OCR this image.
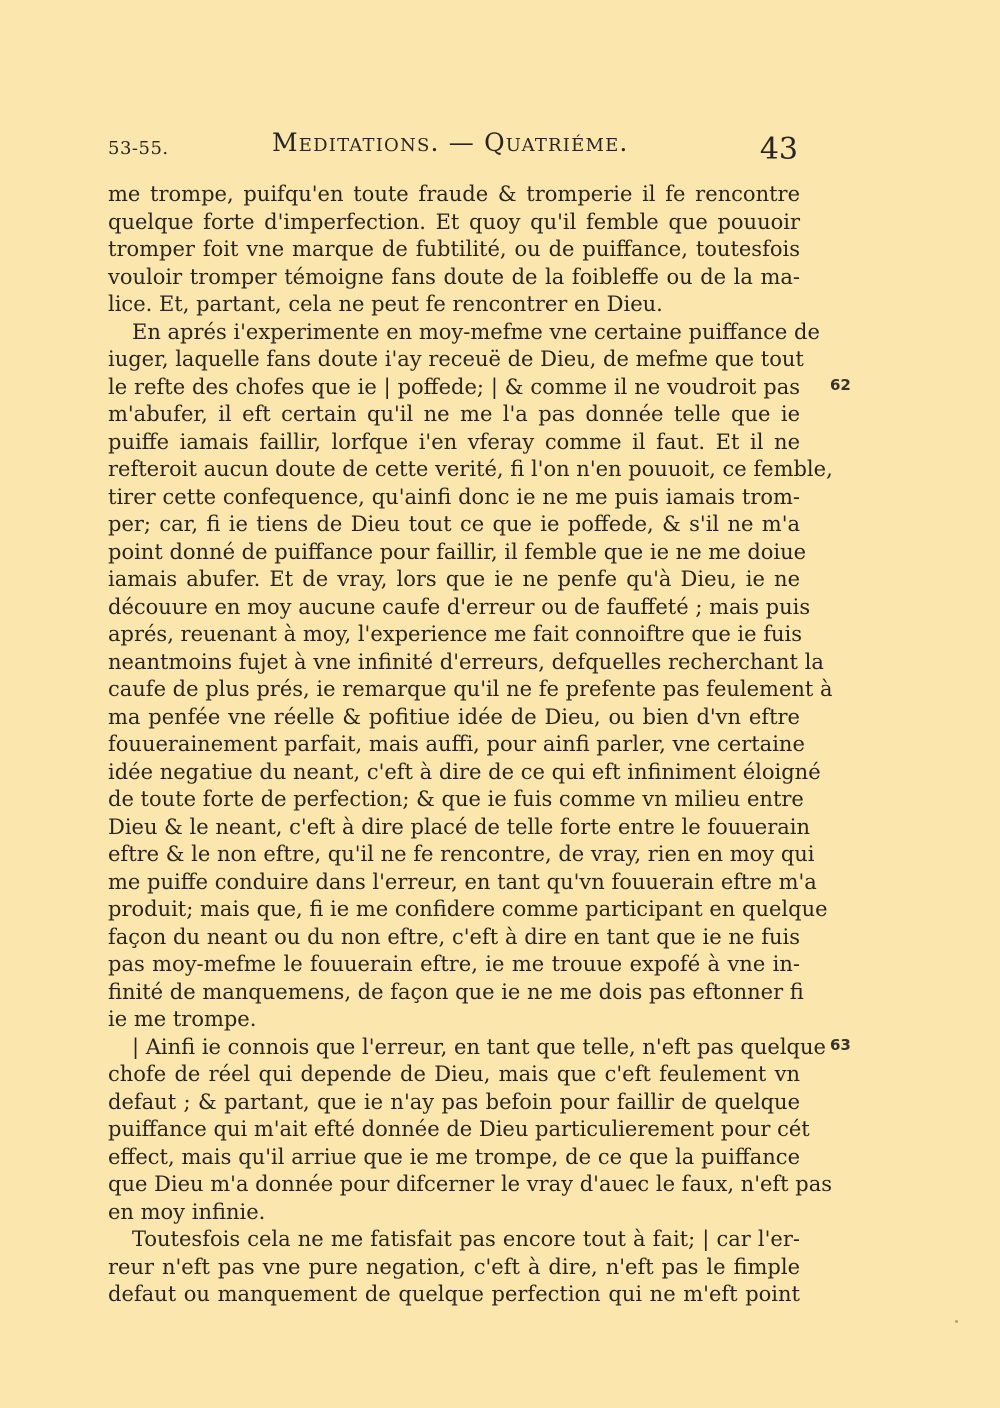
53-55.	Meditations. — Quatriéme.	43
me trompe, puifqu'en toute fraude & tromperie il fe rencontre
quelque forte d'imperfection. Et quoy qu'il femble que pouuoir
tromper foit vne marque de fubtilité, ou de puiffance, toutesfois
vouloir tromper témoigne fans doute de la foibleffe ou de la ma-
lice. Et, partant, cela ne peut fe rencontrer en Dieu.
En aprés i'experimente en moy-mefme vne certaine puiffance de
iuger, laquelle fans doute i'ay receuë de Dieu, de mefme que tout
le refte des chofes que ie | poffede; | & comme il ne voudroit pas
m'abufer, il eft certain qu'il ne me l'a pas donnée telle que ie
puiffe iamais faillir, lorfque i'en vferay comme il faut. Et il ne
refteroit aucun doute de cette verité, fi l'on n'en pouuoit, ce femble,
tirer cette confequence, qu'ainfi donc ie ne me puis iamais trom-
per; car, fi ie tiens de Dieu tout ce que ie poffede, & s'il ne m'a
point donné de puiffance pour faillir, il femble que ie ne me doiue
iamais abufer. Et de vray, lors que ie ne penfe qu'à Dieu, ie ne
découure en moy aucune caufe d'erreur ou de fauffeté ; mais puis
aprés, reuenant à moy, l'experience me fait connoiftre que ie fuis
neantmoins fujet à vne infinité d'erreurs, defquelles recherchant la
caufe de plus prés, ie remarque qu'il ne fe prefente pas feulement à
ma penfée vne réelle & pofitiue idée de Dieu, ou bien d'vn eftre
fouuerainement parfait, mais auffi, pour ainfi parler, vne certaine
idée negatiue du neant, c'eft à dire de ce qui eft infiniment éloigné
de toute forte de perfection; & que ie fuis comme vn milieu entre
Dieu & le neant, c'eft à dire placé de telle forte entre le fouuerain
eftre & le non eftre, qu'il ne fe rencontre, de vray, rien en moy qui
me puiffe conduire dans l'erreur, en tant qu'vn fouuerain eftre m'a
produit; mais que, fi ie me confidere comme participant en quelque
façon du neant ou du non eftre, c'eft à dire en tant que ie ne fuis
pas moy-mefme le fouuerain eftre, ie me trouue expofé à vne in-
finité de manquemens, de façon que ie ne me dois pas eftonner fi
ie me trompe.
| Ainfi ie connois que l'erreur, en tant que telle, n'eft pas quelque
chofe de réel qui depende de Dieu, mais que c'eft feulement vn
defaut ; & partant, que ie n'ay pas befoin pour faillir de quelque
puiffance qui m'ait efté donnée de Dieu particulierement pour cét
effect, mais qu'il arriue que ie me trompe, de ce que la puiffance
que Dieu m'a donnée pour difcerner le vray d'auec le faux, n'eft pas
en moy infinie.
Toutesfois cela ne me fatisfait pas encore tout à fait; | car l'er-
reur n'eft pas vne pure negation, c'eft à dire, n'eft pas le fimple
defaut ou manquement de quelque perfection qui ne m'eft point
62
63
